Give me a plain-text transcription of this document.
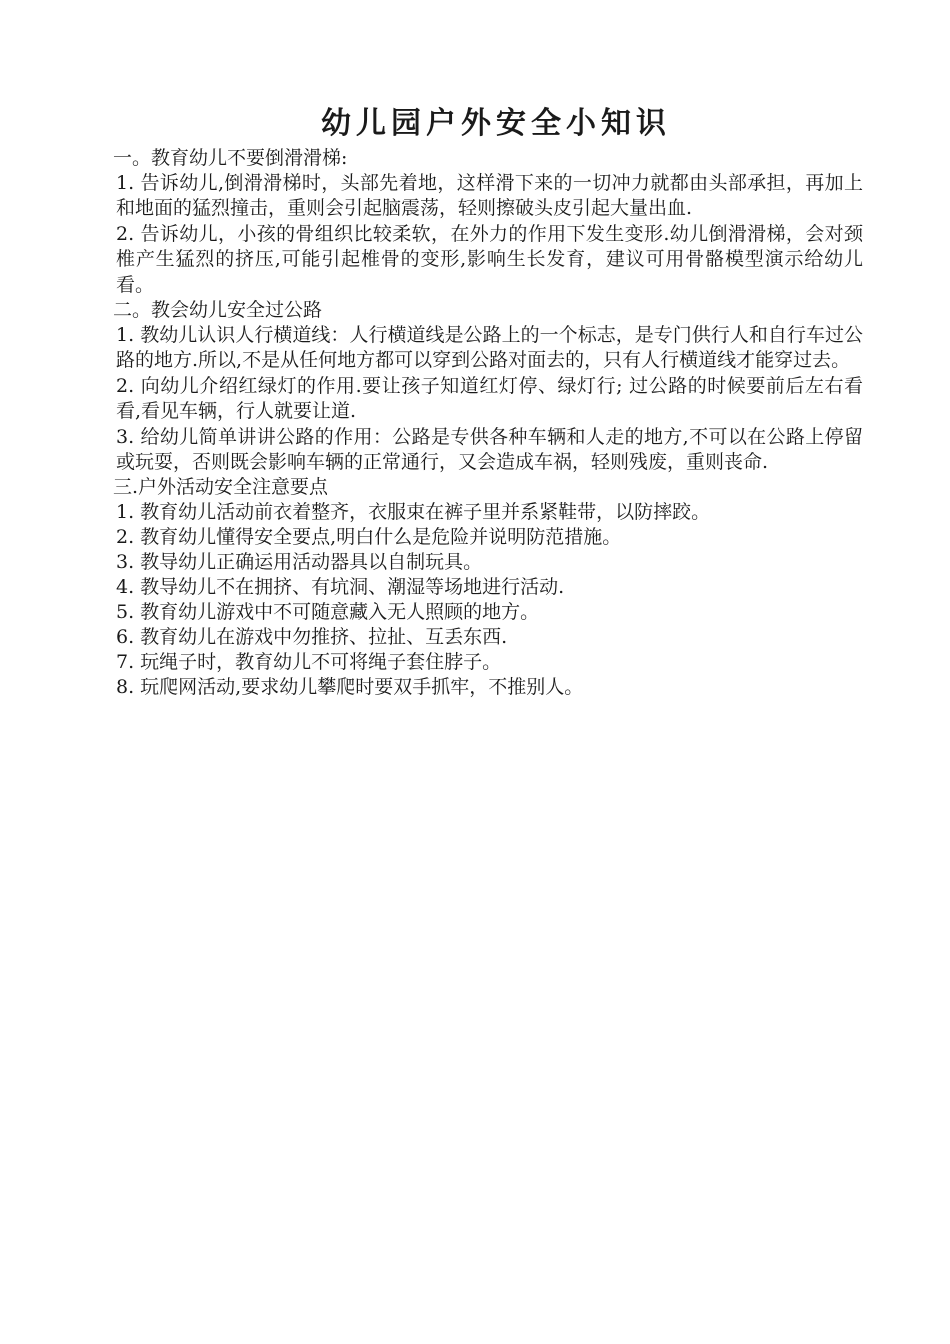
幼儿园户外安全小知识

一。教育幼儿不要倒滑滑梯:

1. 告诉幼儿,倒滑滑梯时，头部先着地，这样滑下来的一切冲力就都由头部承担，再加上和地面的猛烈撞击，重则会引起脑震荡，轻则擦破头皮引起大量出血.

2. 告诉幼儿，小孩的骨组织比较柔软，在外力的作用下发生变形.幼儿倒滑滑梯，会对颈椎产生猛烈的挤压,可能引起椎骨的变形,影响生长发育，建议可用骨骼模型演示给幼儿看。

二。教会幼儿安全过公路

1. 教幼儿认识人行横道线：人行横道线是公路上的一个标志，是专门供行人和自行车过公路的地方.所以,不是从任何地方都可以穿到公路对面去的，只有人行横道线才能穿过去。

2. 向幼儿介绍红绿灯的作用.要让孩子知道红灯停、绿灯行; 过公路的时候要前后左右看看,看见车辆，行人就要让道.

3. 给幼儿简单讲讲公路的作用：公路是专供各种车辆和人走的地方,不可以在公路上停留或玩耍，否则既会影响车辆的正常通行，又会造成车祸，轻则残废，重则丧命.

三.户外活动安全注意要点

1. 教育幼儿活动前衣着整齐，衣服束在裤子里并系紧鞋带，以防摔跤。

2. 教育幼儿懂得安全要点,明白什么是危险并说明防范措施。

3. 教导幼儿正确运用活动器具以自制玩具。

4. 教导幼儿不在拥挤、有坑洞、潮湿等场地进行活动.

5. 教育幼儿游戏中不可随意藏入无人照顾的地方。

6. 教育幼儿在游戏中勿推挤、拉扯、互丢东西.

7. 玩绳子时，教育幼儿不可将绳子套住脖子。

8. 玩爬网活动,要求幼儿攀爬时要双手抓牢，不推别人。
